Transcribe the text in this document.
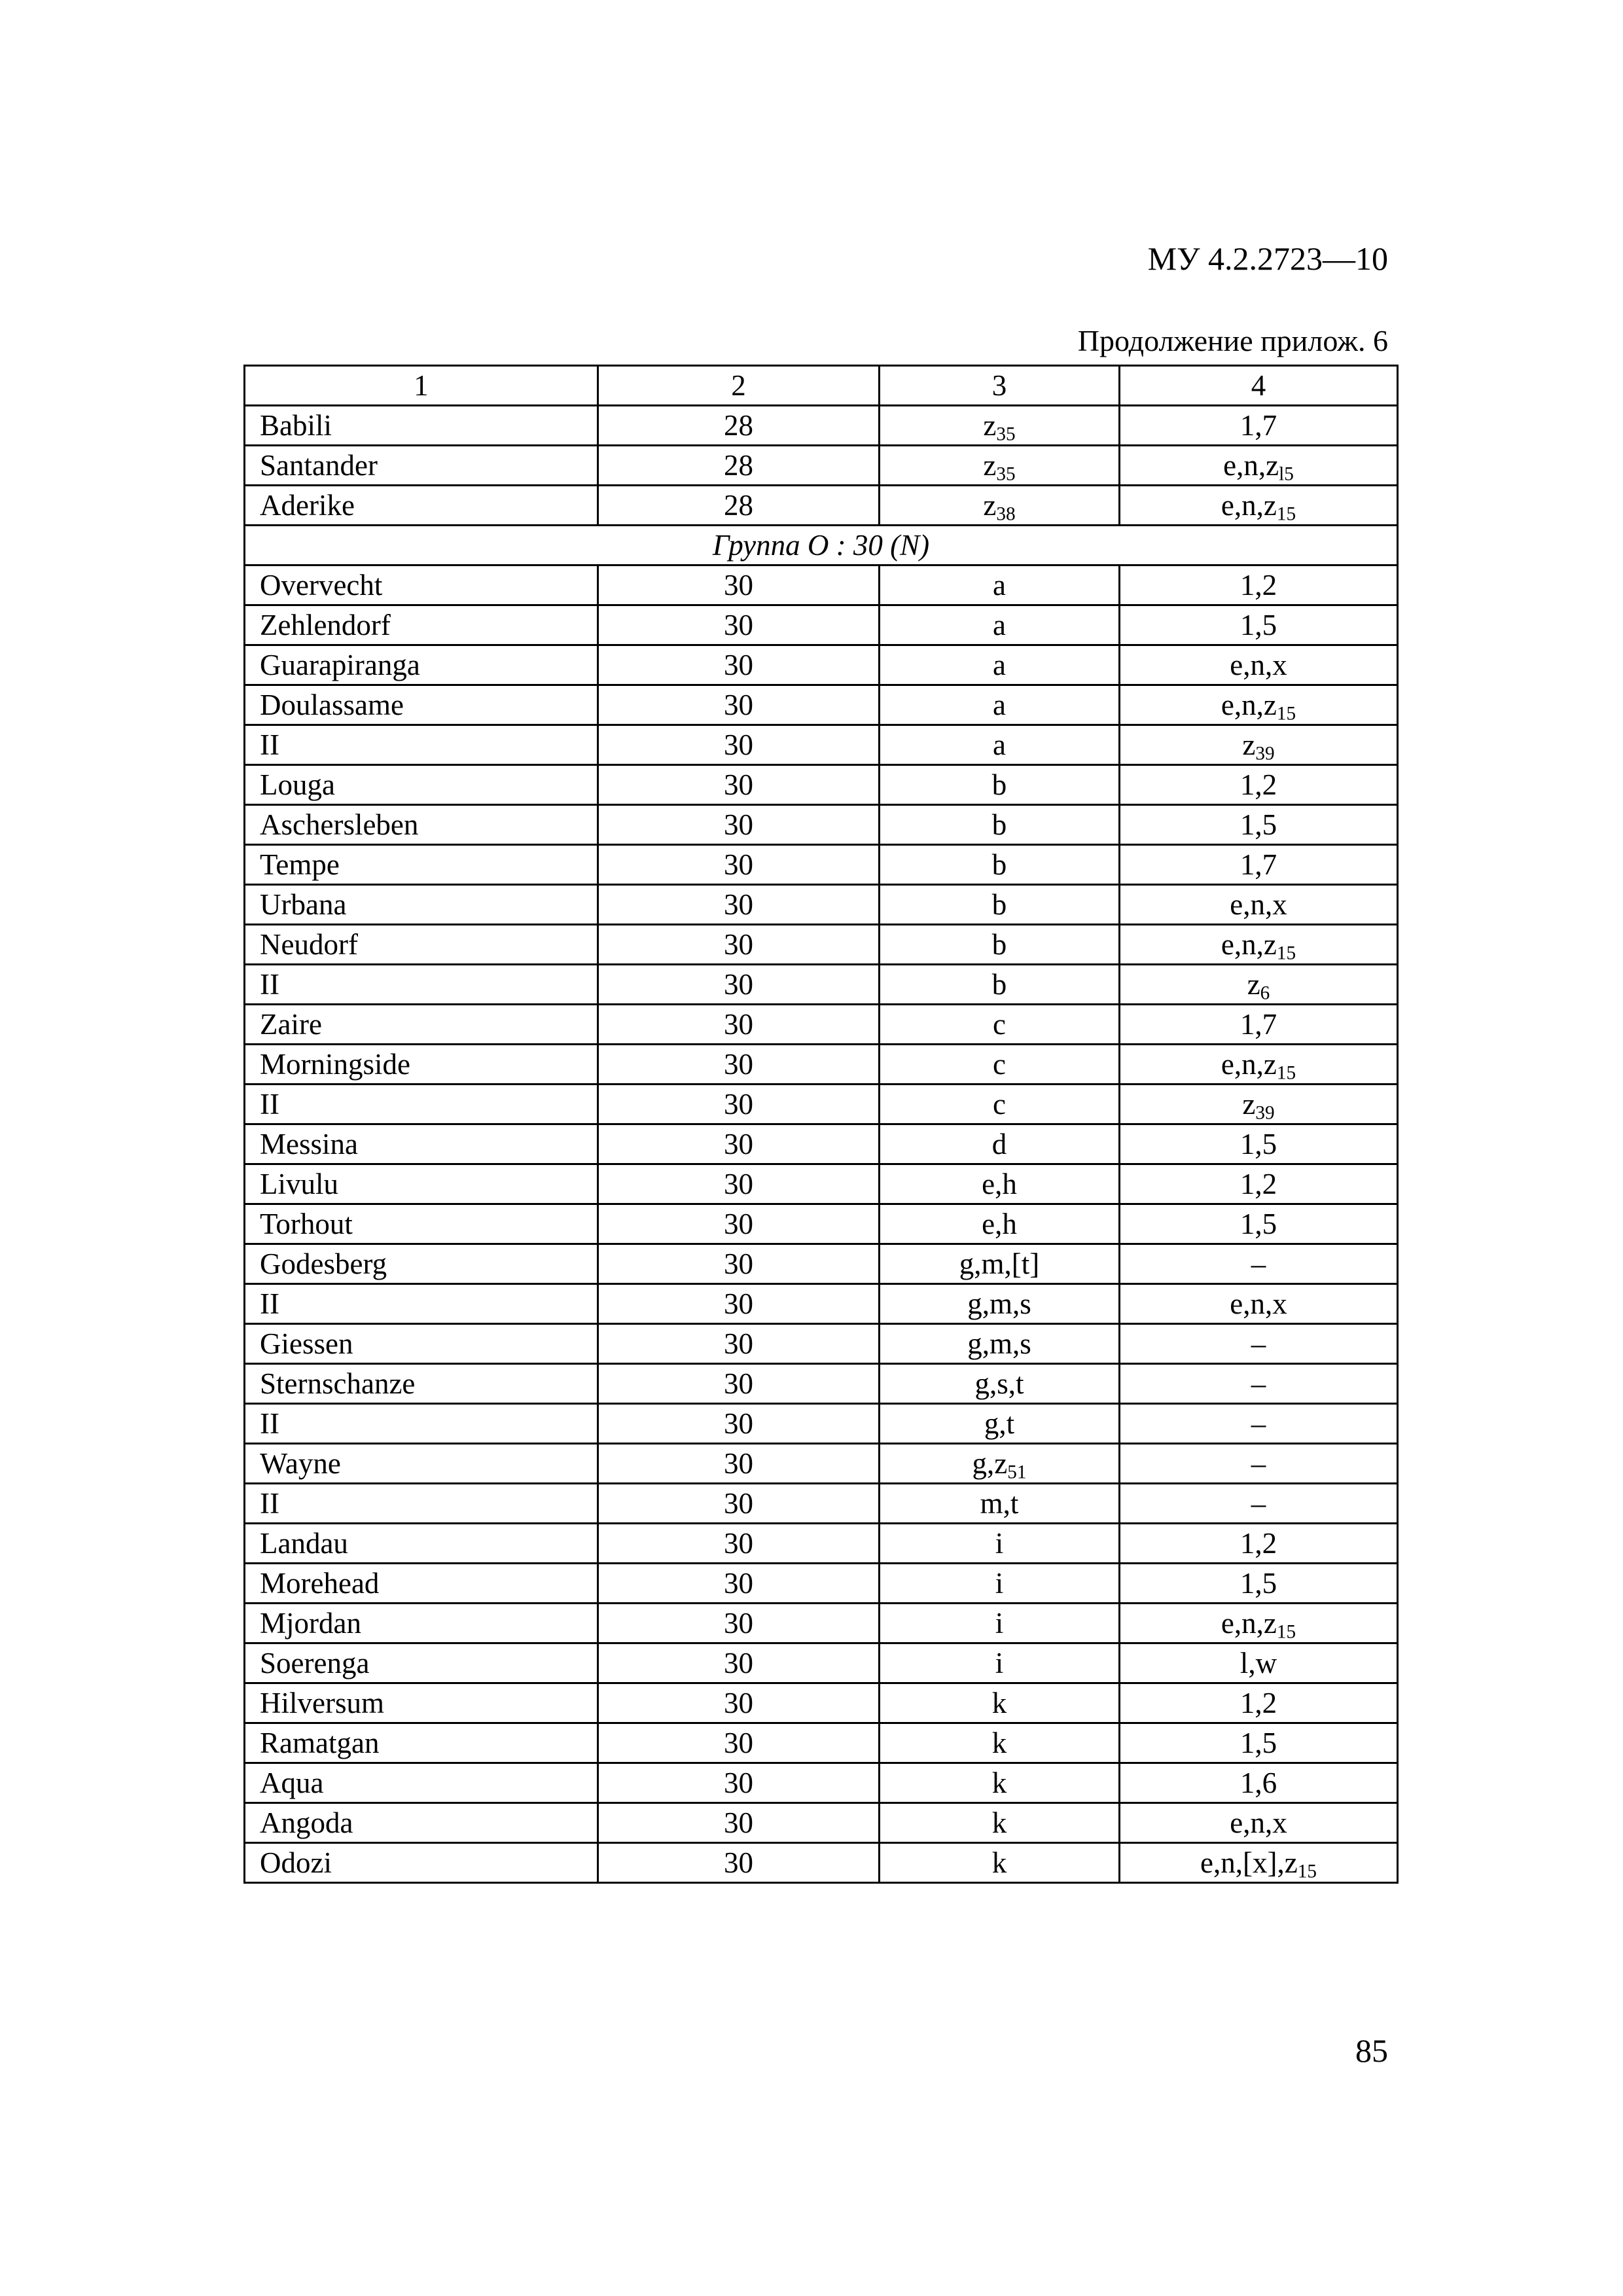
МУ 4.2.2723—10
Продолжение прилож. 6
1	2	3	4
Babili	28	$z_{35}$	1,7
Santander	28	$z_{35}$	$e,n,z_{l5}$
Aderike	28	$z_{38}$	$e,n,z_{15}$
Группа O : 30 (N)			
Overvecht	30	a	1,2
Zehlendorf	30	a	1,5
Guarapiranga	30	a	e,n,x
Doulassame	30	a	$e,n,z_{15}$
II	30	a	$z_{39}$
Louga	30	b	1,2
Aschersleben	30	b	1,5
Tempe	30	b	1,7
Urbana	30	b	e,n,x
Neudorf	30	b	$e,n,z_{15}$
II	30	b	$z_6$
Zaire	30	c	1,7
Morningside	30	c	$e,n,z_{15}$
II	30	c	$z_{39}$
Messina	30	d	1,5
Livulu	30	e,h	1,2
Torhout	30	e,h	1,5
Godesberg	30	g,m,[t]	–
II	30	g,m,s	e,n,x
Giessen	30	g,m,s	–
Sternschanze	30	g,s,t	–
II	30	g,t	–
Wayne	30	$g,z_{51}$	–
II	30	m,t	–
Landau	30	i	1,2
Morehead	30	i	1,5
Mjordan	30	i	$e,n,z_{15}$
Soerenga	30	i	l,w
Hilversum	30	k	1,2
Ramatgan	30	k	1,5
Aqua	30	k	1,6
Angoda	30	k	e,n,x
Odozi	30	k	$e,n,[x],z_{15}$
85
